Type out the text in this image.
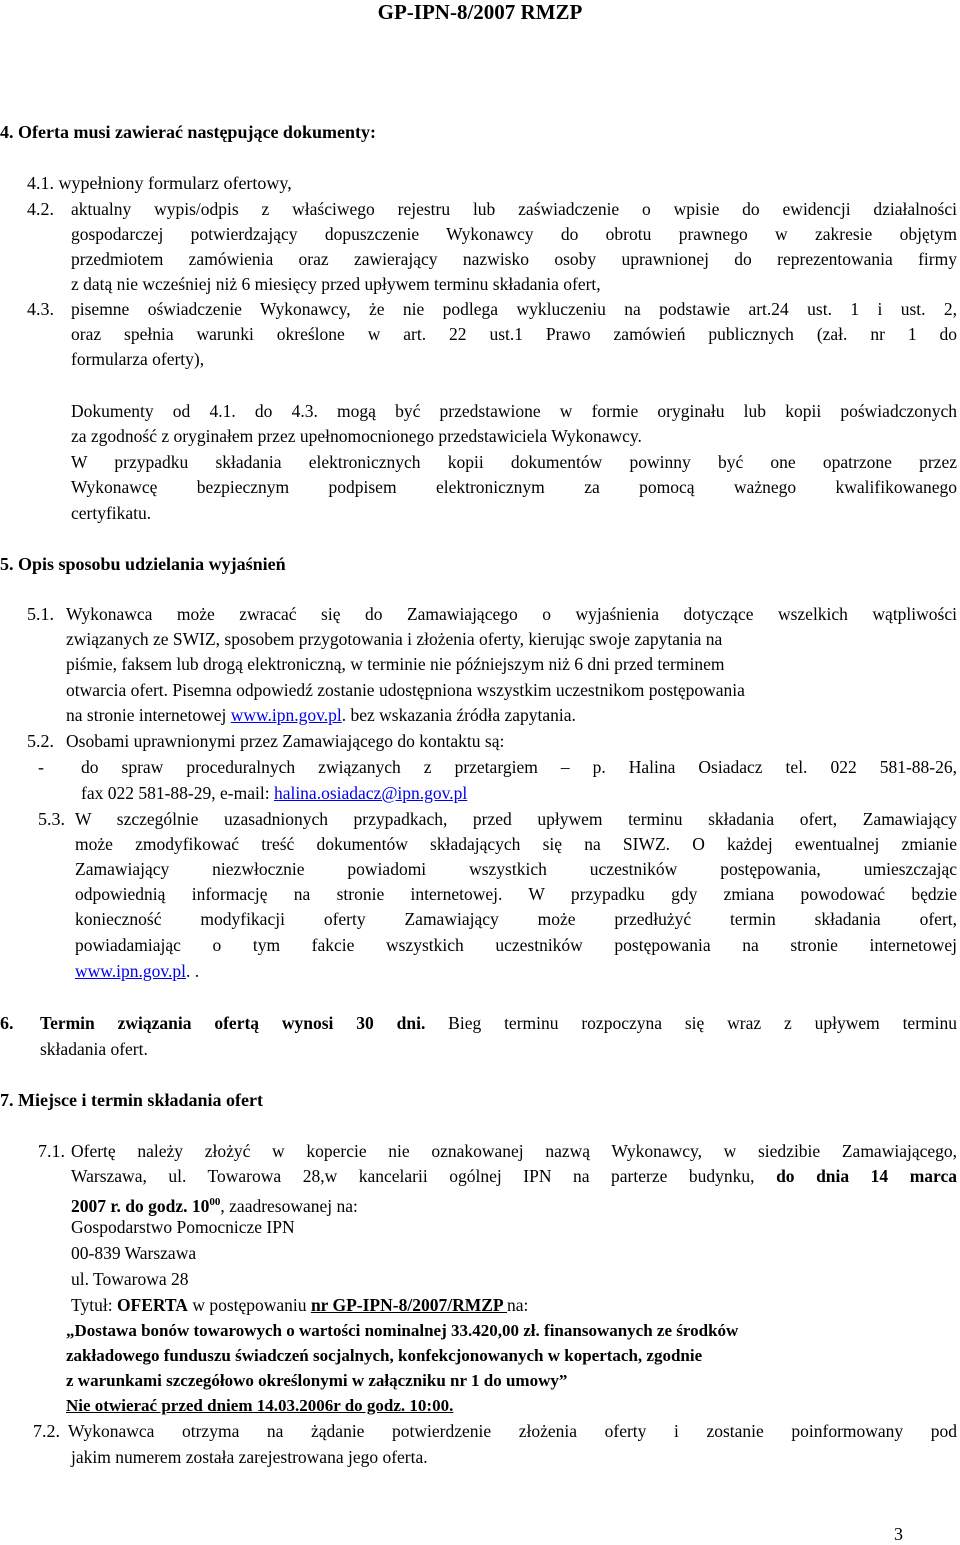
GP-IPN-8/2007 RMZP
4. Oferta musi zawierać następujące dokumenty:
4.1. wypełniony formularz ofertowy,
4.2. aktualny wypis/odpis z właściwego rejestru lub zaświadczenie o wpisie do ewidencji działalności
gospodarczej potwierdzający dopuszczenie Wykonawcy do obrotu prawnego w zakresie objętym
przedmiotem zamówienia oraz zawierający nazwisko osoby uprawnionej do reprezentowania firmy
z datą nie wcześniej niż 6 miesięcy przed upływem terminu składania ofert,
4.3. pisemne oświadczenie Wykonawcy, że nie podlega wykluczeniu na podstawie art.24 ust. 1 i ust. 2,
oraz spełnia warunki określone w art. 22 ust.1 Prawo zamówień publicznych (zał. nr 1 do
formularza oferty),
Dokumenty od 4.1. do 4.3. mogą być przedstawione w formie oryginału lub kopii poświadczonych
za zgodność z oryginałem przez upełnomocnionego przedstawiciela Wykonawcy.
W przypadku składania elektronicznych kopii dokumentów powinny być one opatrzone przez
Wykonawcę bezpiecznym podpisem elektronicznym za pomocą ważnego kwalifikowanego
certyfikatu.
5. Opis sposobu udzielania wyjaśnień
5.1. Wykonawca może zwracać się do Zamawiającego o wyjaśnienia dotyczące wszelkich wątpliwości
związanych ze SWIZ, sposobem przygotowania i złożenia oferty, kierując swoje zapytania na
piśmie, faksem lub drogą elektroniczną, w terminie nie późniejszym niż 6 dni przed terminem
otwarcia ofert. Pisemna odpowiedź zostanie udostępniona wszystkim uczestnikom postępowania
na stronie internetowej www.ipn.gov.pl. bez wskazania źródła zapytania.
5.2. Osobami uprawnionymi przez Zamawiającego do kontaktu są:
- do spraw proceduralnych związanych z przetargiem – p. Halina Osiadacz tel. 022 581-88-26,
fax 022 581-88-29, e-mail: halina.osiadacz@ipn.gov.pl
5.3. W szczególnie uzasadnionych przypadkach, przed upływem terminu składania ofert, Zamawiający
może zmodyfikować treść dokumentów składających się na SIWZ. O każdej ewentualnej zmianie
Zamawiający niezwłocznie powiadomi wszystkich uczestników postępowania, umieszczając
odpowiednią informację na stronie internetowej. W przypadku gdy zmiana powodować będzie
konieczność modyfikacji oferty Zamawiający może przedłużyć termin składania ofert,
powiadamiając o tym fakcie wszystkich uczestników postępowania na stronie internetowej
www.ipn.gov.pl. .
6. Termin związania ofertą wynosi 30 dni. Bieg terminu rozpoczyna się wraz z upływem terminu
składania ofert.
7. Miejsce i termin składania ofert
7.1. Ofertę należy złożyć w kopercie nie oznakowanej nazwą Wykonawcy, w siedzibie Zamawiającego,
Warszawa, ul. Towarowa 28,w kancelarii ogólnej IPN na parterze budynku, do dnia 14 marca
2007 r. do godz. $10^{00}$, zaadresowanej na:
Gospodarstwo Pomocnicze IPN
00-839 Warszawa
ul. Towarowa 28
Tytuł: OFERTA w postępowaniu nr GP-IPN-8/2007/RMZP na:
„Dostawa bonów towarowych o wartości nominalnej 33.420,00 zł. finansowanych ze środków
zakładowego funduszu świadczeń socjalnych, konfekcjonowanych w kopertach, zgodnie
z warunkami szczegółowo określonymi w załączniku nr 1 do umowy”
Nie otwierać przed dniem 14.03.2006r do godz. 10:00.
7.2. Wykonawca otrzyma na żądanie potwierdzenie złożenia oferty i zostanie poinformowany pod
jakim numerem została zarejestrowana jego oferta.
3
